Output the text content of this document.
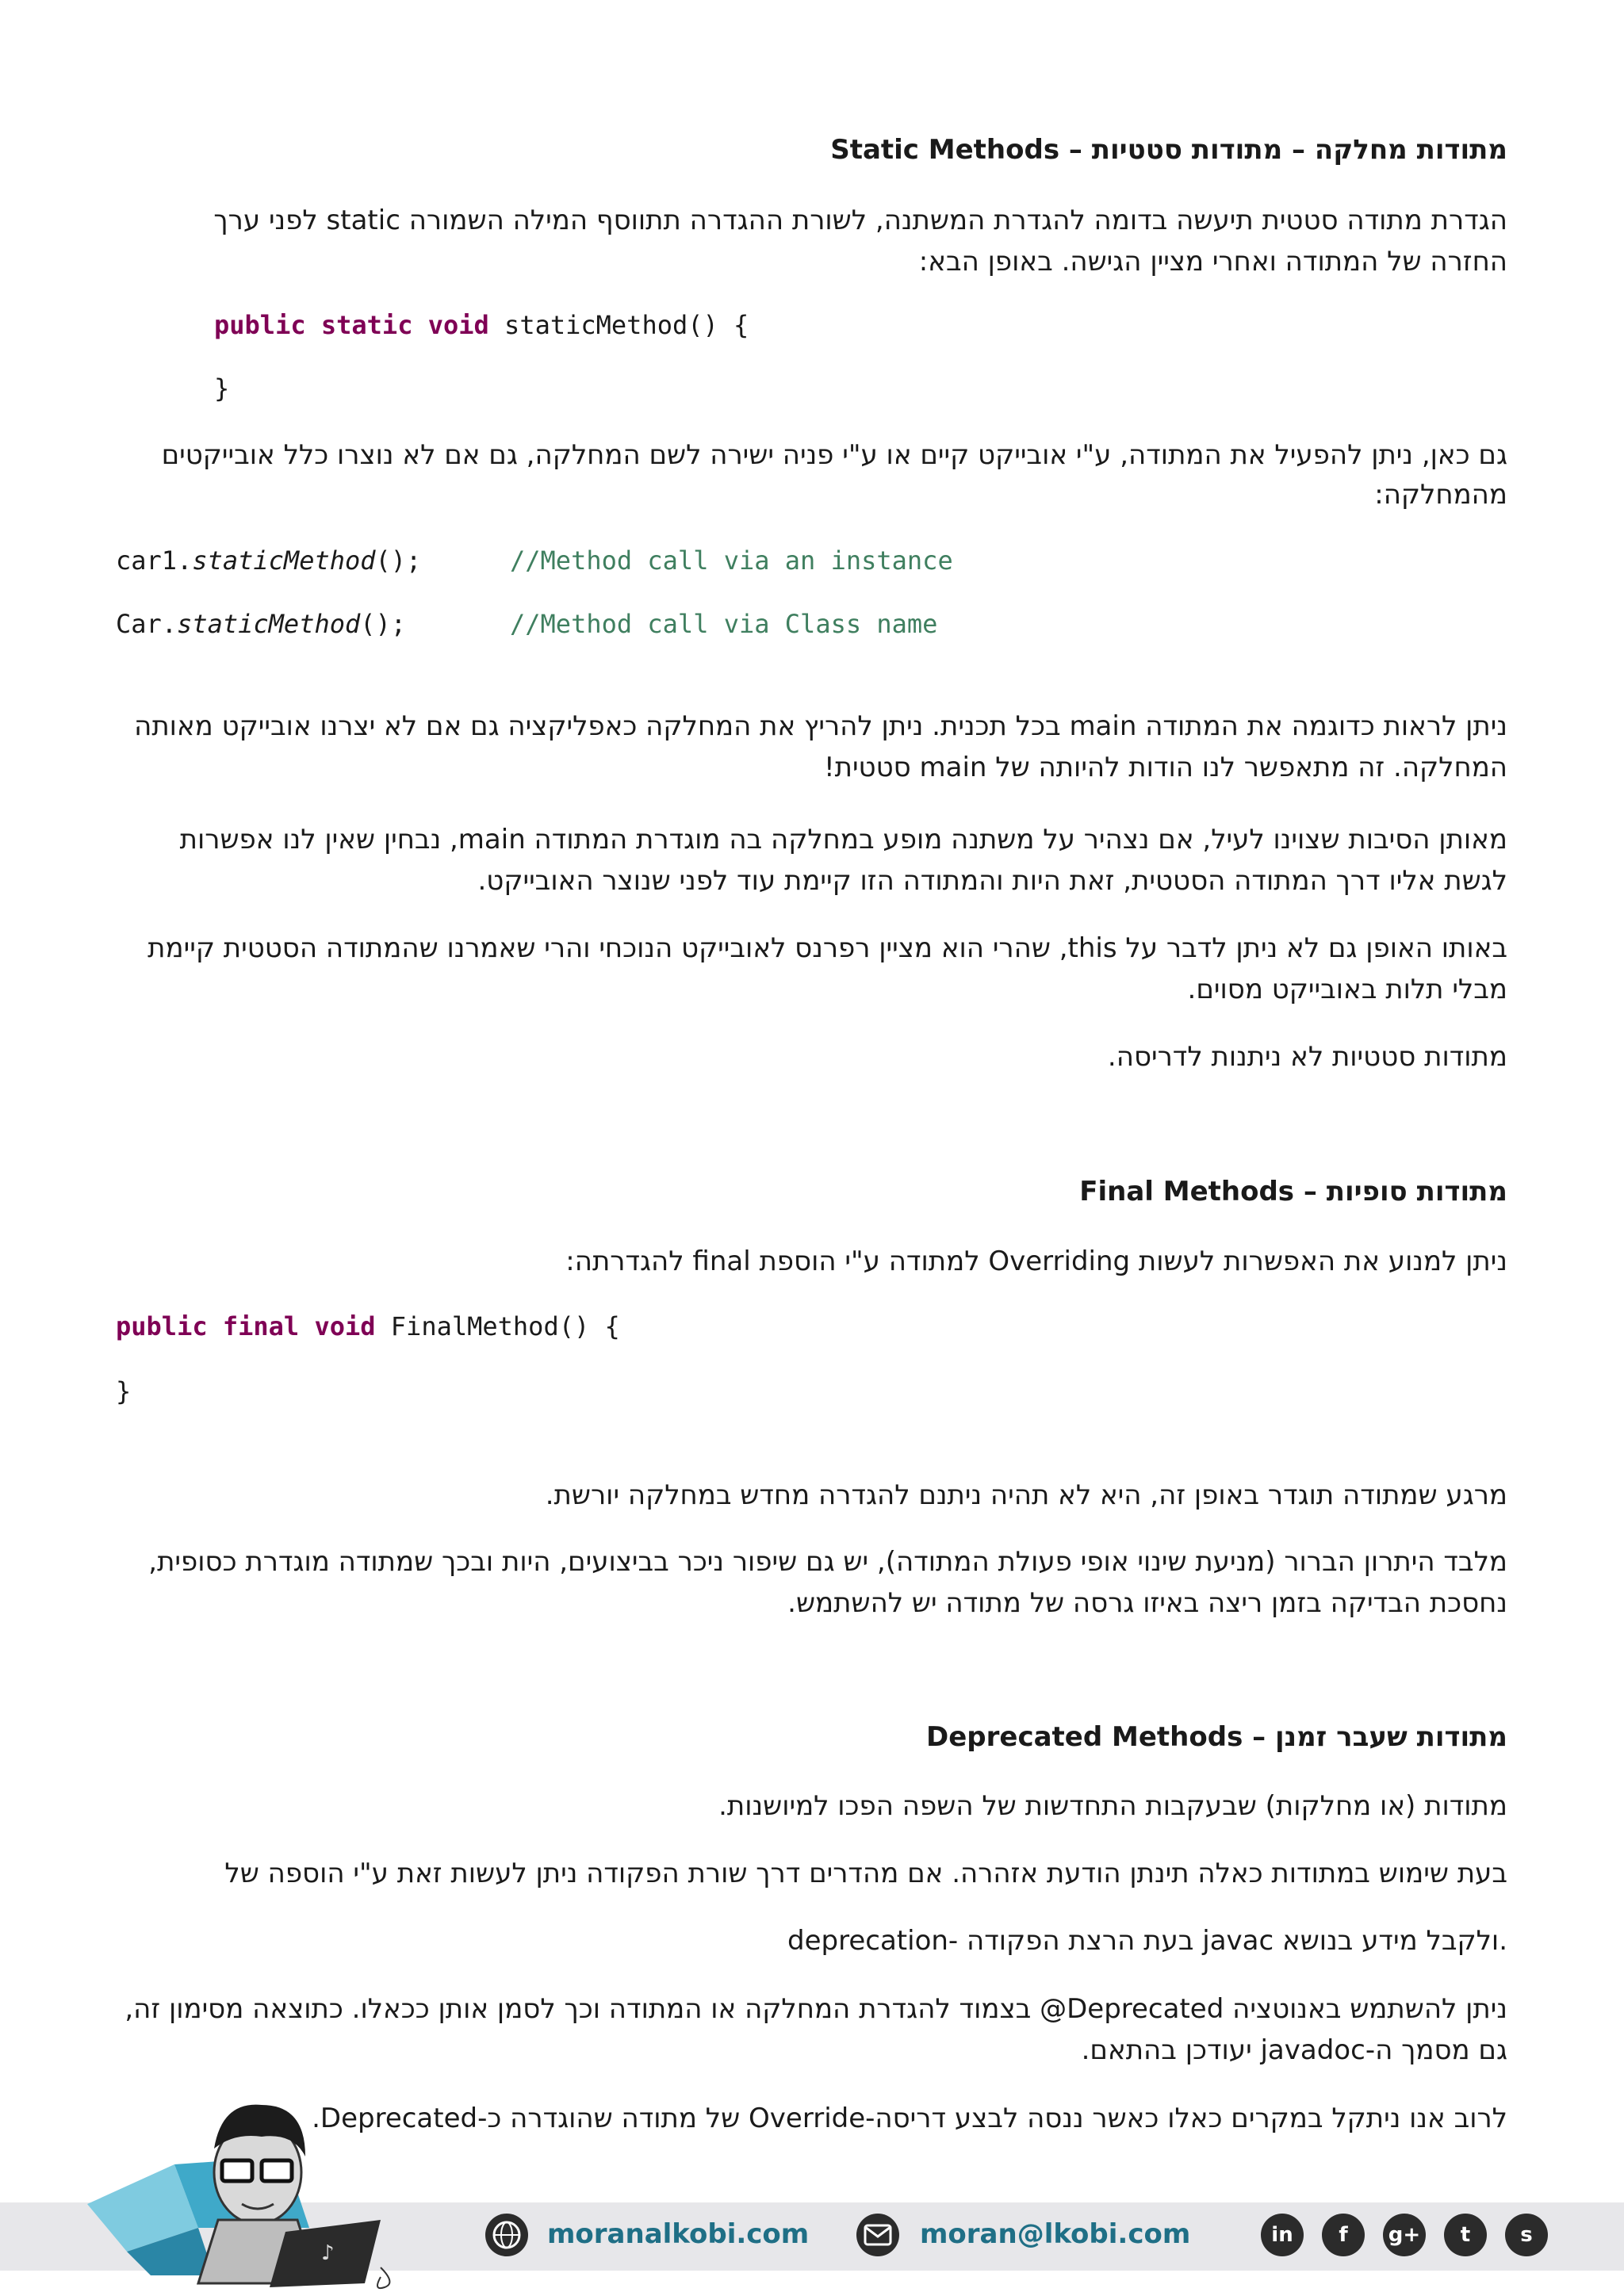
מתודות מחלקה – מתודות סטטיות – Static Methods

הגדרת מתודה סטטית תיעשה בדומה להגדרת המשתנה, לשורת ההגדרה תתווסף המילה השמורה static לפני ערך

החזרה של המתודה ואחרי מציין הגישה. באופן הבא:

public static void staticMethod() {
}

גם כאן, ניתן להפעיל את המתודה, ע"י אובייקט קיים או ע"י פניה ישירה לשם המחלקה, גם אם לא נוצרו כלל אובייקטים

מהמחלקה:

car1.staticMethod();	//Method call via an instance
Car.staticMethod();	//Method call via Class name

ניתן לראות כדוגמה את המתודה main בכל תכנית. ניתן להריץ את המחלקה כאפליקציה גם אם לא יצרנו אובייקט מאותה

המחלקה. זה מתאפשר לנו הודות להיותה של main סטטית!

מאותן הסיבות שצוינו לעיל, אם נצהיר על משתנה מופע במחלקה בה מוגדרת המתודה main, נבחין שאין לנו אפשרות

לגשת אליו דרך המתודה הסטטית, זאת היות והמתודה הזו קיימת עוד לפני שנוצר האובייקט.

באותו האופן גם לא ניתן לדבר על this, שהרי הוא מציין רפרנס לאובייקט הנוכחי והרי שאמרנו שהמתודה הסטטית קיימת

מבלי תלות באובייקט מסוים.

מתודות סטטיות לא ניתנות לדריסה.

מתודות סופיות – Final Methods

ניתן למנוע את האפשרות לעשות Overriding למתודה ע"י הוספת final להגדרתה:

public final void FinalMethod() {
}

מרגע שמתודה תוגדר באופן זה, היא לא תהיה ניתנם להגדרה מחדש במחלקה יורשת.

מלבד היתרון הברור (מניעת שינוי אופי פעולת המתודה), יש גם שיפור ניכר בביצועים, היות ובכך שמתודה מוגדרת כסופית,

נחסכת הבדיקה בזמן ריצה באיזו גרסה של מתודה יש להשתמש.

מתודות שעבר זמנן – Deprecated Methods

מתודות (או מחלקות) שבעקבות התחדשות של השפה הפכו למיושנות.

בעת שימוש במתודות כאלה תינתן הודעת אזהרה. אם מהדרים דרך שורת הפקודה ניתן לעשות זאת ע"י הוספה של

deprecation- בעת הרצת הפקודה javac ולקבל מידע בנושא.

ניתן להשתמש באנוטציה Deprecated@ בצמוד להגדרת המחלקה או המתודה וכך לסמן אותן ככאלו. כתוצאה מסימון זה,

גם מסמך ה-javadoc יעודכן בהתאם.

לרוב אנו ניתקל במקרים כאלו כאשר ננסה לבצע דריסה-Override של מתודה שהוגדרה כ-Deprecated.

♪
moranalkobi.com	moran@lkobi.com	in	f	g+	t	s
